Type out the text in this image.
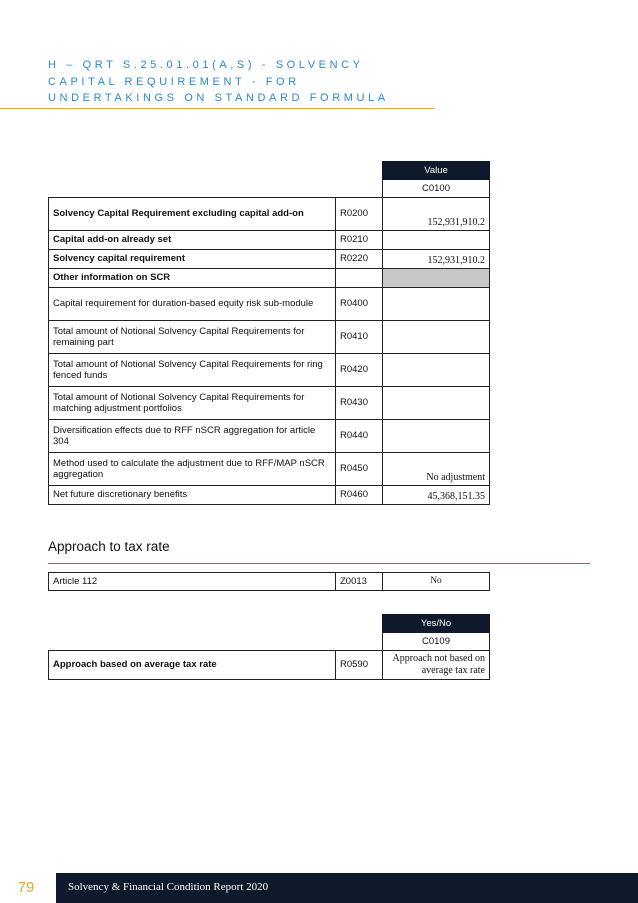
H – QRT S.25.01.01(A,S) - SOLVENCY
CAPITAL REQUIREMENT - FOR
UNDERTAKINGS ON STANDARD FORMULA
		Value
		C0100
Solvency Capital Requirement excluding capital add-on	R0200	152,931,910.2
Capital add-on already set	R0210	
Solvency capital requirement	R0220	152,931,910.2
Other information on SCR		
Capital requirement for duration-based equity risk sub-module	R0400	
Total amount of Notional Solvency Capital Requirements for remaining part	R0410	
Total amount of Notional Solvency Capital Requirements for ring fenced funds	R0420	
Total amount of Notional Solvency Capital Requirements for matching adjustment portfolios	R0430	
Diversification effects due to RFF nSCR aggregation for article 304	R0440	
Method used to calculate the adjustment due to RFF/MAP nSCR aggregation	R0450	No adjustment
Net future discretionary benefits	R0460	45,368,151.35
Approach to tax rate
Article 112	Z0013	No
		Yes/No
		C0109
Approach based on average tax rate	R0590	Approach not based on average tax rate
79	Solvency & Financial Condition Report 2020
